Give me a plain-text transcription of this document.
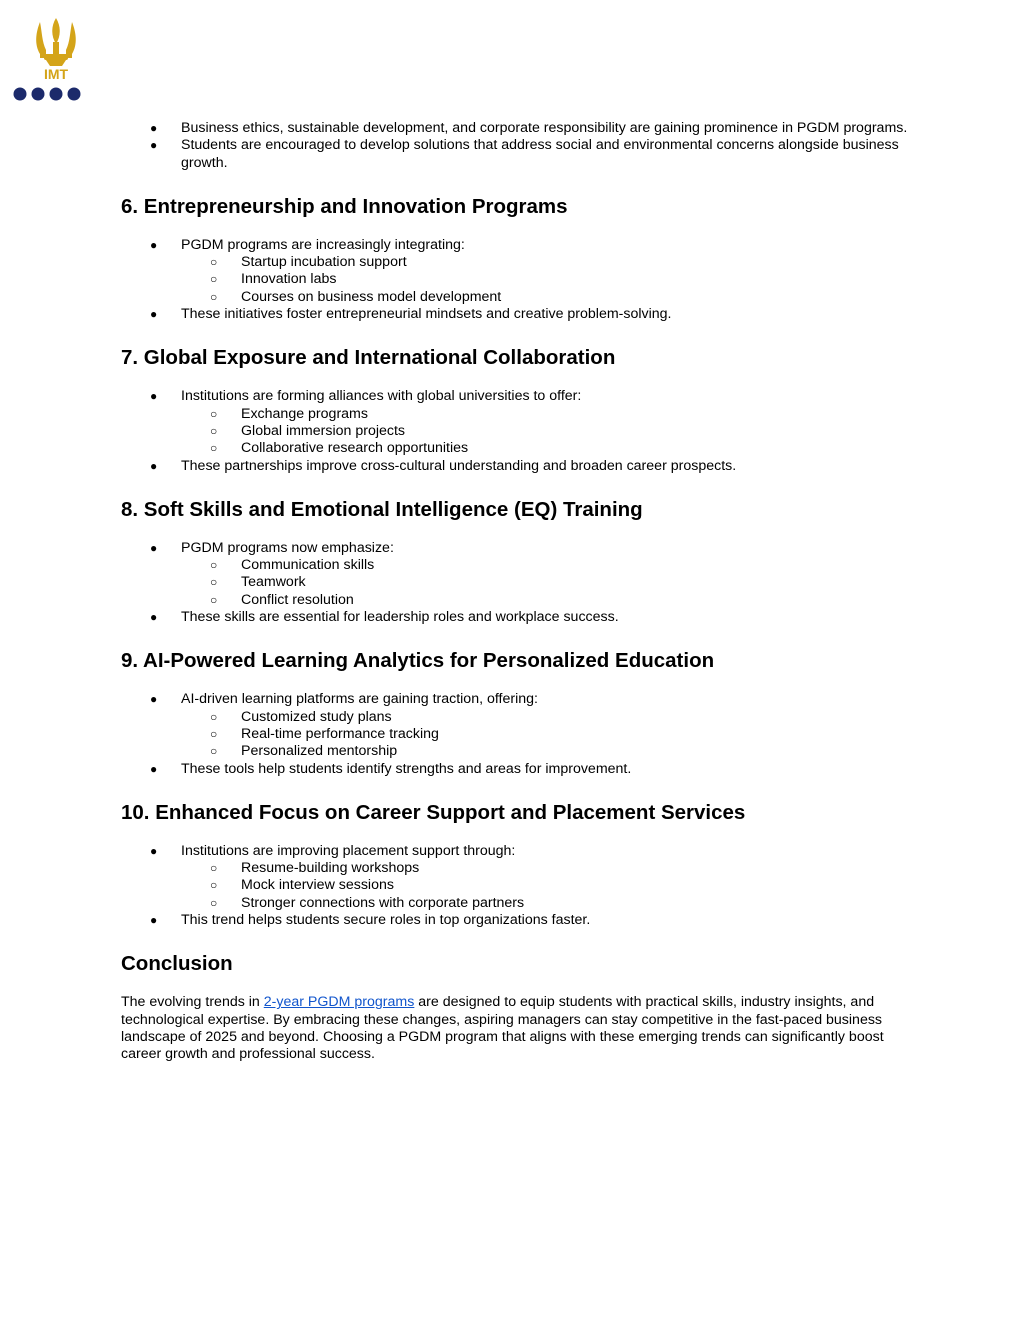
IMT
● Business ethics, sustainable development, and corporate responsibility are gaining prominence in PGDM programs.
● Students are encouraged to develop solutions that address social and environmental concerns alongside business growth.
6. Entrepreneurship and Innovation Programs
● PGDM programs are increasingly integrating:
○ Startup incubation support
○ Innovation labs
○ Courses on business model development
● These initiatives foster entrepreneurial mindsets and creative problem-solving.
7. Global Exposure and International Collaboration
● Institutions are forming alliances with global universities to offer:
○ Exchange programs
○ Global immersion projects
○ Collaborative research opportunities
● These partnerships improve cross-cultural understanding and broaden career prospects.
8. Soft Skills and Emotional Intelligence (EQ) Training
● PGDM programs now emphasize:
○ Communication skills
○ Teamwork
○ Conflict resolution
● These skills are essential for leadership roles and workplace success.
9. AI-Powered Learning Analytics for Personalized Education
● AI-driven learning platforms are gaining traction, offering:
○ Customized study plans
○ Real-time performance tracking
○ Personalized mentorship
● These tools help students identify strengths and areas for improvement.
10. Enhanced Focus on Career Support and Placement Services
● Institutions are improving placement support through:
○ Resume-building workshops
○ Mock interview sessions
○ Stronger connections with corporate partners
● This trend helps students secure roles in top organizations faster.
Conclusion

The evolving trends in 2-year PGDM programs are designed to equip students with practical skills, industry insights, and technological expertise. By embracing these changes, aspiring managers can stay competitive in the fast-paced business landscape of 2025 and beyond. Choosing a PGDM program that aligns with these emerging trends can significantly boost career growth and professional success.
